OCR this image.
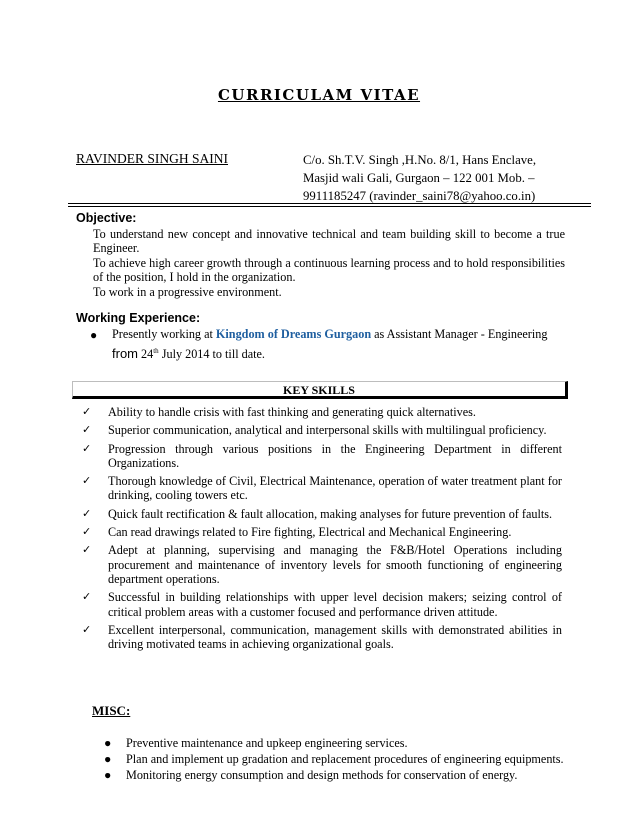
CURRICULAM VITAE
RAVINDER SINGH SAINI	C/o. Sh.T.V. Singh ,H.No. 8/1, Hans Enclave,
Masjid wali Gali, Gurgaon – 122 001 Mob. –
9911185247 (ravinder_saini78@yahoo.co.in)
Objective:
To understand new concept and innovative technical and team building skill to become a true Engineer.
To achieve high career growth through a continuous learning process and to hold responsibilities of the position, I hold in the organization.
To work in a progressive environment.
Working Experience:
● Presently working at Kingdom of Dreams Gurgaon as Assistant Manager - Engineering
from 24th July 2014 to till date.
KEY SKILLS
✓ Ability to handle crisis with fast thinking and generating quick alternatives.
✓ Superior communication, analytical and interpersonal skills with multilingual proficiency.
✓ Progression through various positions in the Engineering Department in different Organizations.
✓ Thorough knowledge of Civil, Electrical Maintenance, operation of water treatment plant for drinking, cooling towers etc.
✓ Quick fault rectification & fault allocation, making analyses for future prevention of faults.
✓ Can read drawings related to Fire fighting, Electrical and Mechanical Engineering.
✓ Adept at planning, supervising and managing the F&B/Hotel Operations including procurement and maintenance of inventory levels for smooth functioning of engineering department operations.
✓ Successful in building relationships with upper level decision makers; seizing control of critical problem areas with a customer focused and performance driven attitude.
✓ Excellent interpersonal, communication, management skills with demonstrated abilities in driving motivated teams in achieving organizational goals.
MISC:
● Preventive maintenance and upkeep engineering services.
● Plan and implement up gradation and replacement procedures of engineering equipments.
● Monitoring energy consumption and design methods for conservation of energy.
